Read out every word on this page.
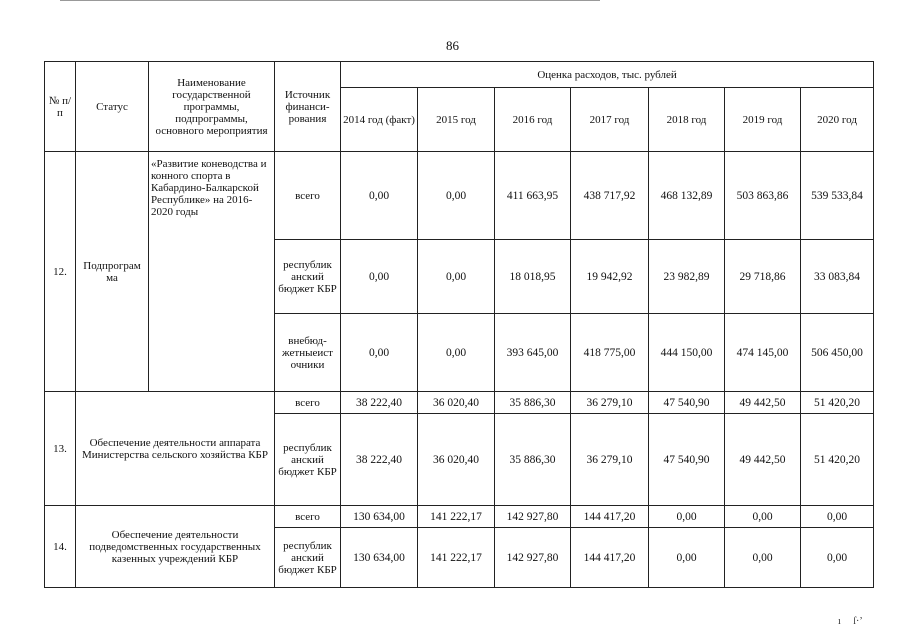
86
№ п/п	Статус	Наименование государственной программы, подпрограммы, основного мероприятия	Источник финанси-рования	Оценка расходов, тыс. рублей						
				2014 год (факт)	2015 год	2016 год	2017 год	2018 год	2019 год	2020 год
12.	Подпрограм ма	«Развитие коневодства и конного спорта в Кабардино-Балкарской Республике» на 2016-2020 годы	всего	0,00	0,00	411 663,95	438 717,92	468 132,89	503 863,86	539 533,84
			республик анский бюджет КБР	0,00	0,00	18 018,95	19 942,92	23 982,89	29 718,86	33 083,84
			внебюд-жетныеист очники	0,00	0,00	393 645,00	418 775,00	444 150,00	474 145,00	506 450,00
13.	Обеспечение деятельности аппарата Министерства сельского хозяйства КБР		всего	38 222,40	36 020,40	35 886,30	36 279,10	47 540,90	49 442,50	51 420,20
			республик анский бюджет КБР	38 222,40	36 020,40	35 886,30	36 279,10	47 540,90	49 442,50	51 420,20
14.	Обеспечение деятельности подведомственных государственных казенных учреждений КБР		всего	130 634,00	141 222,17	142 927,80	144 417,20	0,00	0,00	0,00
			республик анский бюджет КБР	130 634,00	141 222,17	142 927,80	144 417,20	0,00	0,00	0,00
ı     ſ·ʼ
